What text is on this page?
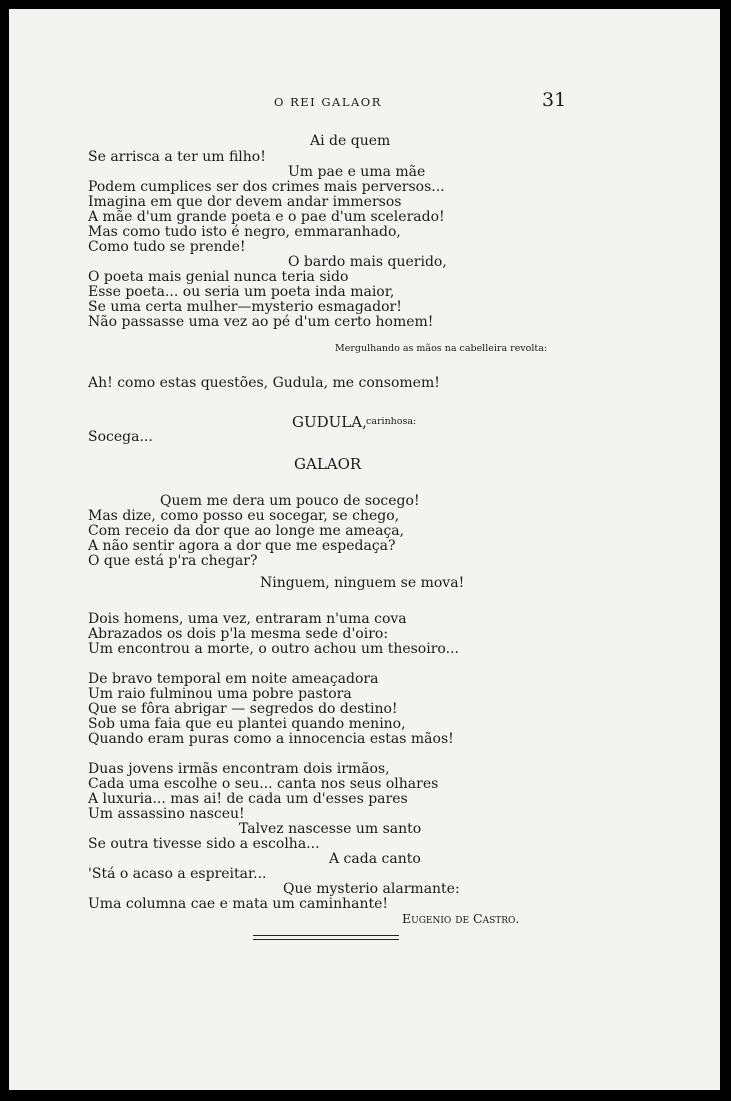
O REI GALAOR	31
Ai de quem
Se arrisca a ter um filho!
Um pae e uma mãe
Podem cumplices ser dos crimes mais perversos...
Imagina em que dor devem andar immersos
A mãe d'um grande poeta e o pae d'um scelerado!
Mas como tudo isto é negro, emmaranhado,
Como tudo se prende!
O bardo mais querido,
O poeta mais genial nunca teria sido
Esse poeta... ou seria um poeta inda maior,
Se uma certa mulher—mysterio esmagador!
Não passasse uma vez ao pé d'um certo homem!
Mergulhando as mãos na cabelleira revolta:
Ah! como estas questões, Gudula, me consomem!
GUDULA, carinhosa:
Socega...
GALAOR
Quem me dera um pouco de socego!
Mas dize, como posso eu socegar, se chego,
Com receio da dor que ao longe me ameaça,
A não sentir agora a dor que me espedaça?
O que está p'ra chegar?
Ninguem, ninguem se mova!
Dois homens, uma vez, entraram n'uma cova
Abrazados os dois p'la mesma sede d'oiro:
Um encontrou a morte, o outro achou um thesoiro...
De bravo temporal em noite ameaçadora
Um raio fulminou uma pobre pastora
Que se fôra abrigar — segredos do destino!
Sob uma faia que eu plantei quando menino,
Quando eram puras como a innocencia estas mãos!
Duas jovens irmãs encontram dois irmãos,
Cada uma escolhe o seu... canta nos seus olhares
A luxuria... mas ai! de cada um d'esses pares
Um assassino nasceu!
Talvez nascesse um santo
Se outra tivesse sido a escolha...
A cada canto
'Stá o acaso a espreitar...
Que mysterio alarmante:
Uma columna cae e mata um caminhante!
Eugenio de Castro.
